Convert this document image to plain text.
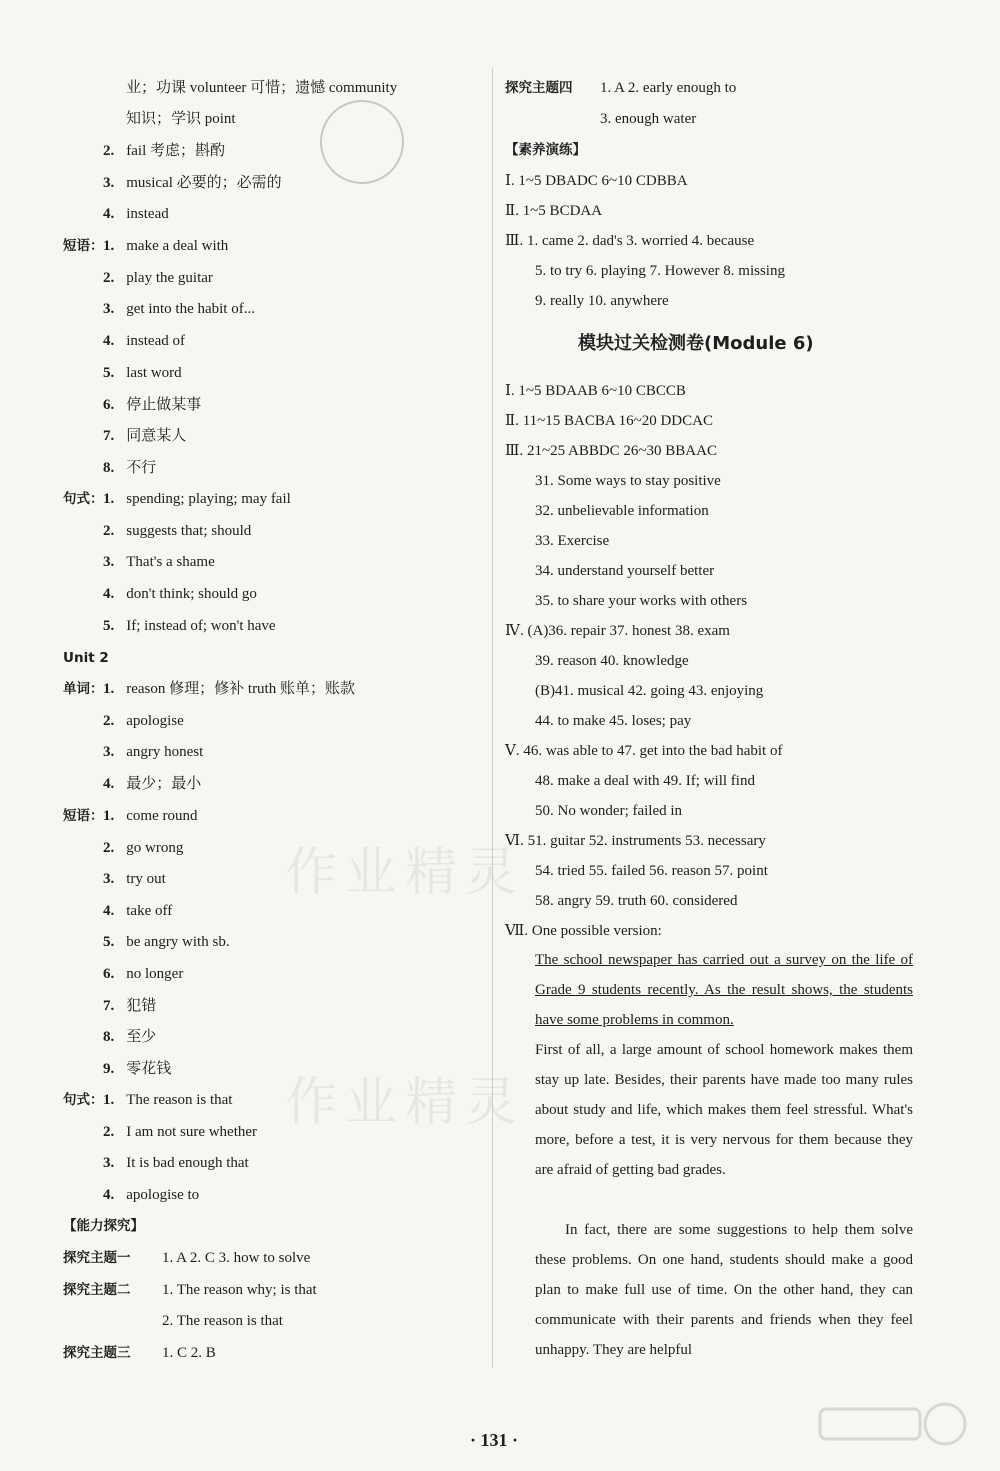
业；功课 volunteer 可惜；遗憾 community
知识；学识 point
2. fail 考虑；斟酌
3. musical 必要的；必需的
4. instead
短语： 1. make a deal with
2. play the guitar
3. get into the habit of...
4. instead of
5. last word
6. 停止做某事
7. 同意某人
8. 不行
句式： 1. spending; playing; may fail
2. suggests that; should
3. That's a shame
4. don't think; should go
5. If; instead of; won't have
Unit 2
单词： 1. reason 修理；修补 truth 账单；账款
2. apologise
3. angry honest
4. 最少；最小
短语： 1. come round
2. go wrong
3. try out
4. take off
5. be angry with sb.
6. no longer
7. 犯错
8. 至少
9. 零花钱
句式： 1. The reason is that
2. I am not sure whether
3. It is bad enough that
4. apologise to
【能力探究】
探究主题一 1. A 2. C 3. how to solve
探究主题二 1. The reason why; is that
2. The reason is that
探究主题三 1. C 2. B
作业精灵
作业精灵
探究主题四 1. A 2. early enough to
3. enough water
【素养演练】
Ⅰ. 1~5 DBADC 6~10 CDBBA
Ⅱ. 1~5 BCDAA
Ⅲ. 1. came 2. dad's 3. worried 4. because
5. to try 6. playing 7. However 8. missing
9. really 10. anywhere
模块过关检测卷(Module 6)
Ⅰ. 1~5 BDAAB 6~10 CBCCB
Ⅱ. 11~15 BACBA 16~20 DDCAC
Ⅲ. 21~25 ABBDC 26~30 BBAAC
31. Some ways to stay positive
32. unbelievable information
33. Exercise
34. understand yourself better
35. to share your works with others
Ⅳ. (A)36. repair 37. honest 38. exam
39. reason 40. knowledge
(B)41. musical 42. going 43. enjoying
44. to make 45. loses; pay
Ⅴ. 46. was able to 47. get into the bad habit of
48. make a deal with 49. If; will find
50. No wonder; failed in
Ⅵ. 51. guitar 52. instruments 53. necessary
54. tried 55. failed 56. reason 57. point
58. angry 59. truth 60. considered
Ⅶ. One possible version:
The school newspaper has carried out a survey on the life of Grade 9 students recently. As the result shows, the students have some problems in common.
First of all, a large amount of school homework makes them stay up late. Besides, their parents have made too many rules about study and life, which makes them feel stressful. What's more, before a test, it is very nervous for them because they are afraid of getting bad grades.
In fact, there are some suggestions to help them solve these problems. On one hand, students should make a good plan to make full use of time. On the other hand, they can communicate with their parents and friends when they feel unhappy. They are helpful
· 131 ·
